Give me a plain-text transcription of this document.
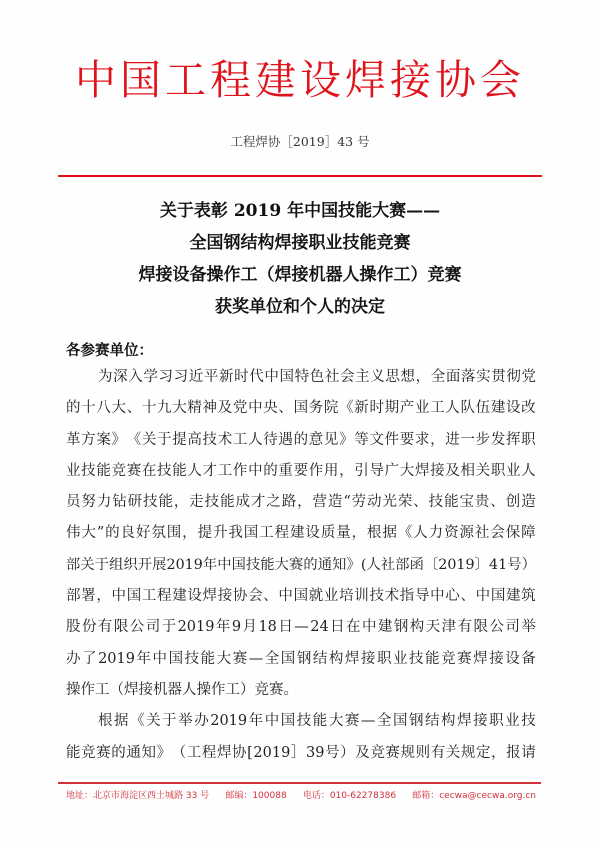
中国工程建设焊接协会
工程焊协［2019］43 号
关于表彰 2019 年中国技能大赛——
全国钢结构焊接职业技能竞赛
焊接设备操作工（焊接机器人操作工）竞赛
获奖单位和个人的决定
各参赛单位：
为 深 入 学 习 习 近 平 新 时 代 中 国 特 色 社 会 主 义 思 想 ， 全 面 落 实 贯 彻 党
的 十 八 大 、 十 九 大 精 神 及 党 中 央 、 国 务 院 《 新 时 期 产 业 工 人 队 伍 建 设 改
革 方 案 》 《 关 于 提 高 技 术 工 人 待 遇 的 意 见 》 等 文 件 要 求 ， 进 一 步 发 挥 职
业 技 能 竞 赛 在 技 能 人 才 工 作 中 的 重 要 作 用 ， 引 导 广 大 焊 接 及 相 关 职 业 人
员 努 力 钻 研 技 能 ， 走 技 能 成 才 之 路 ， 营 造 “ 劳 动 光 荣 、 技 能 宝 贵 、 创 造
伟 大 ” 的 良 好 氛 围 ， 提 升 我 国 工 程 建 设 质 量 ， 根 据 《 人 力 资 源 社 会 保 障
部 关 于 组 织 开 展 2019 年 中 国 技 能 大 赛 的 通 知 》 ( 人 社 部 函 〔 2019 〕 41 号 ）
部 署 ， 中 国 工 程 建 设 焊 接 协 会 、 中 国 就 业 培 训 技 术 指 导 中 心 、 中 国 建 筑
股 份 有 限 公 司 于 2019 年 9 月 18 日 — 24 日 在 中 建 钢 构 天 津 有 限 公 司 举
办 了 2019 年 中 国 技 能 大 赛 — 全 国 钢 结 构 焊 接 职 业 技 能 竞 赛 焊 接 设 备
操作工（焊接机器人操作工）竞赛。
根 据 《 关 于 举 办 2019 年 中 国 技 能 大 赛 — 全 国 钢 结 构 焊 接 职 业 技
能 竞 赛 的 通 知 》 （ 工 程 焊 协 [ 2019 ］ 39 号 ） 及 竞 赛 规 则 有 关 规 定 ， 报 请
地址：北京市海淀区西土城路 33 号 邮编：100088 电话：010-62278386 邮箱：cecwa@cecwa.org.cn
